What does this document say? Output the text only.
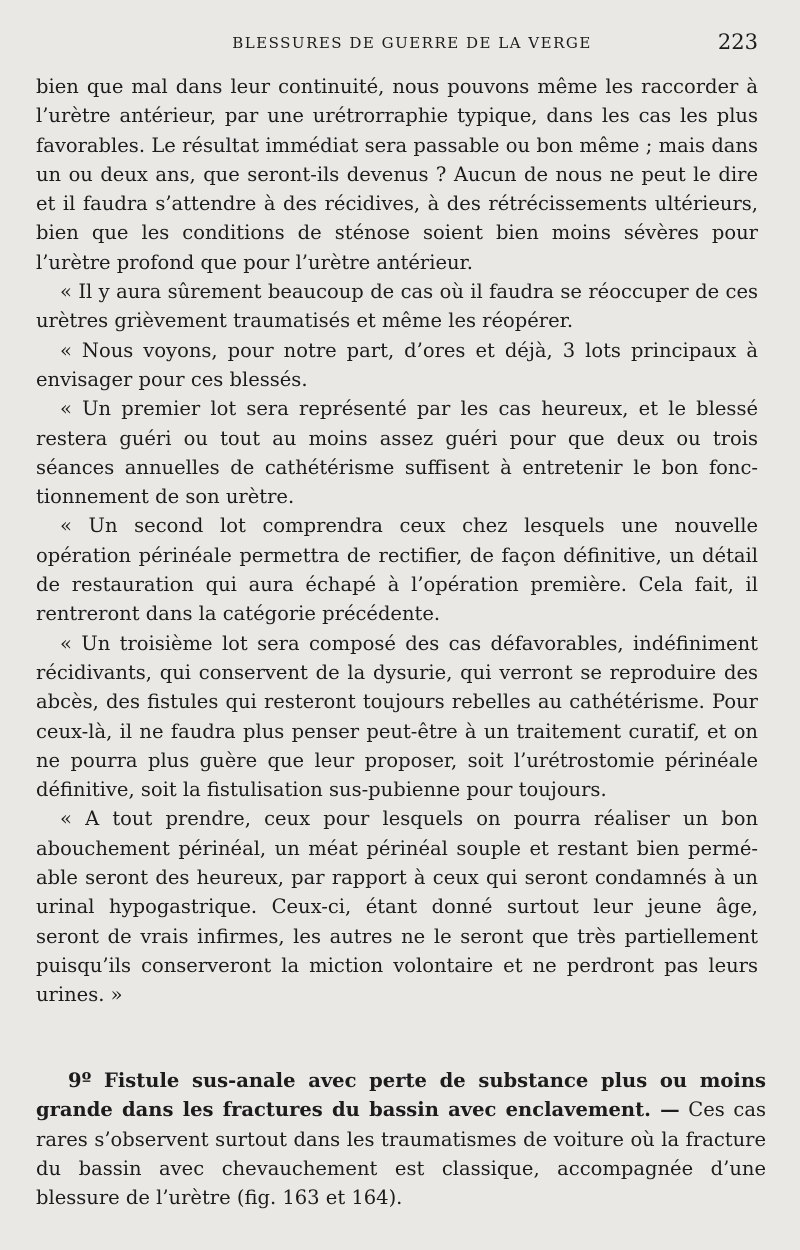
BLESSURES DE GUERRE DE LA VERGE	223

bien que mal dans leur continuité, nous pouvons même les raccorder à l’urètre antérieur, par une urétrorraphie typique, dans les cas les plus favorables. Le résultat immédiat sera passable ou bon même ; mais dans un ou deux ans, que seront-ils devenus ? Aucun de nous ne peut le dire et il faudra s’attendre à des récidives, à des rétrécissements ultérieurs, bien que les conditions de sténose soient bien moins sévères pour l’urètre profond que pour l’urètre antérieur.

« Il y aura sûrement beaucoup de cas où il faudra se réoccuper de ces urètres grièvement traumatisés et même les réopérer.

« Nous voyons, pour notre part, d’ores et déjà, 3 lots principaux à envisager pour ces blessés.

« Un premier lot sera représenté par les cas heureux, et le blessé restera guéri ou tout au moins assez guéri pour que deux ou trois séances annuelles de cathétérisme suffisent à entretenir le bon fonctionnement de son urètre.

« Un second lot comprendra ceux chez lesquels une nouvelle opération périnéale permettra de rectifier, de façon définitive, un détail de restauration qui aura échapé à l’opération première. Cela fait, il rentreront dans la catégorie précédente.

« Un troisième lot sera composé des cas défavorables, indéfiniment récidivants, qui conservent de la dysurie, qui verront se reproduire des abcès, des fistules qui resteront toujours rebelles au cathétérisme. Pour ceux-là, il ne faudra plus penser peut-être à un traitement curatif, et on ne pourra plus guère que leur proposer, soit l’urétrostomie périnéale définitive, soit la fistulisation sus-pubienne pour toujours.

« A tout prendre, ceux pour lesquels on pourra réaliser un bon abouchement périnéal, un méat périnéal souple et restant bien perméable seront des heureux, par rapport à ceux qui seront condamnés à un urinal hypogastrique. Ceux-ci, étant donné surtout leur jeune âge, seront de vrais infirmes, les autres ne le seront que très partiellement puisqu’ils conserveront la miction volontaire et ne perdront pas leurs urines. »

9º Fistule sus-anale avec perte de substance plus ou moins grande dans les fractures du bassin avec enclavement. — Ces cas rares s’observent surtout dans les traumatismes de voiture où la fracture du bassin avec chevauchement est classique, accompagnée d’une blessure de l’urètre (fig. 163 et 164).
